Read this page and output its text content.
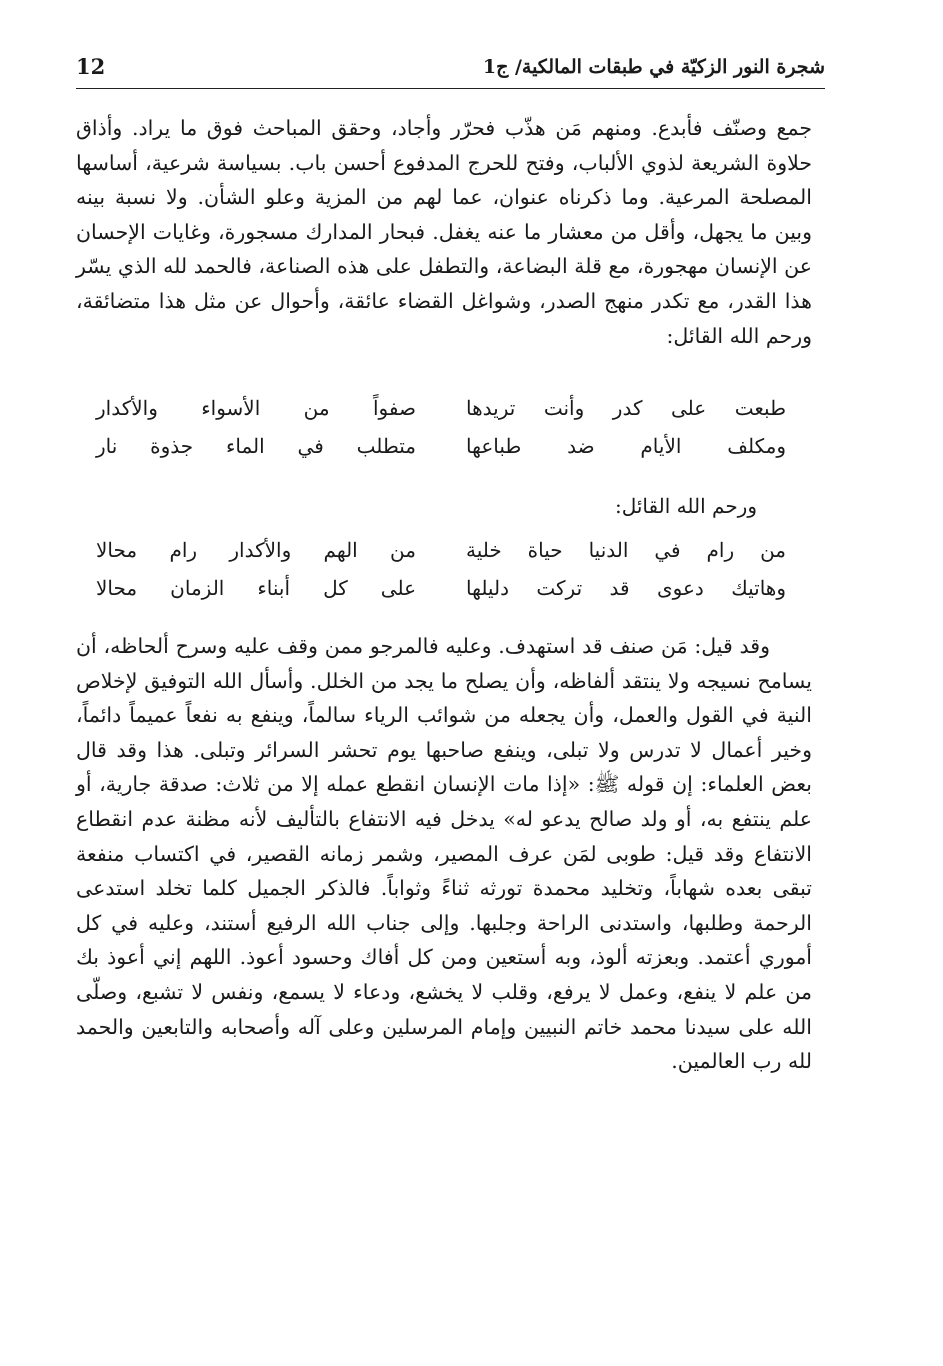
شجرة النور الزكيّة في طبقات المالكية/ ج1
12

جمع وصنّف فأبدع. ومنهم مَن هذّب فحرّر وأجاد، وحقق المباحث فوق ما يراد. وأذاق حلاوة الشريعة لذوي الألباب، وفتح للحرج المدفوع أحسن باب. بسياسة شرعية، أساسها المصلحة المرعية. وما ذكرناه عنوان، عما لهم من المزية وعلو الشأن. ولا نسبة بينه وبين ما يجهل، وأقل من معشار ما عنه يغفل. فبحار المدارك مسجورة، وغايات الإحسان عن الإنسان مهجورة، مع قلة البضاعة، والتطفل على هذه الصناعة، فالحمد لله الذي يسّر هذا القدر، مع تكدر منهج الصدر، وشواغل القضاء عائقة، وأحوال عن مثل هذا متضائقة، ورحم الله القائل:

طبعت على كدر وأنت تريدها
صفواً من الأسواء والأكدار
ومكلف الأيام ضد طباعها
متطلب في الماء جذوة نار
ورحم الله القائل:
من رام في الدنيا حياة خلية
من الهم والأكدار رام محالا
وهاتيك دعوى قد تركت دليلها
على كل أبناء الزمان محالا

وقد قيل: مَن صنف قد استهدف. وعليه فالمرجو ممن وقف عليه وسرح ألحاظه، أن يسامح نسيجه ولا ينتقد ألفاظه، وأن يصلح ما يجد من الخلل. وأسأل الله التوفيق لإخلاص النية في القول والعمل، وأن يجعله من شوائب الرياء سالماً، وينفع به نفعاً عميماً دائماً، وخير أعمال لا تدرس ولا تبلى، وينفع صاحبها يوم تحشر السرائر وتبلى. هذا وقد قال بعض العلماء: إن قوله ﷺ: «إذا مات الإنسان انقطع عمله إلا من ثلاث: صدقة جارية، أو علم ينتفع به، أو ولد صالح يدعو له» يدخل فيه الانتفاع بالتأليف لأنه مظنة عدم انقطاع الانتفاع وقد قيل: طوبى لمَن عرف المصير، وشمر زمانه القصير، في اكتساب منفعة تبقى بعده شهاباً، وتخليد محمدة تورثه ثناءً وثواباً. فالذكر الجميل كلما تخلد استدعى الرحمة وطلبها، واستدنى الراحة وجلبها. وإلى جناب الله الرفيع أستند، وعليه في كل أموري أعتمد. وبعزته ألوذ، وبه أستعين ومن كل أفاك وحسود أعوذ. اللهم إني أعوذ بك من علم لا ينفع، وعمل لا يرفع، وقلب لا يخشع، ودعاء لا يسمع، ونفس لا تشبع، وصلّى الله على سيدنا محمد خاتم النبيين وإمام المرسلين وعلى آله وأصحابه والتابعين والحمد لله رب العالمين.
